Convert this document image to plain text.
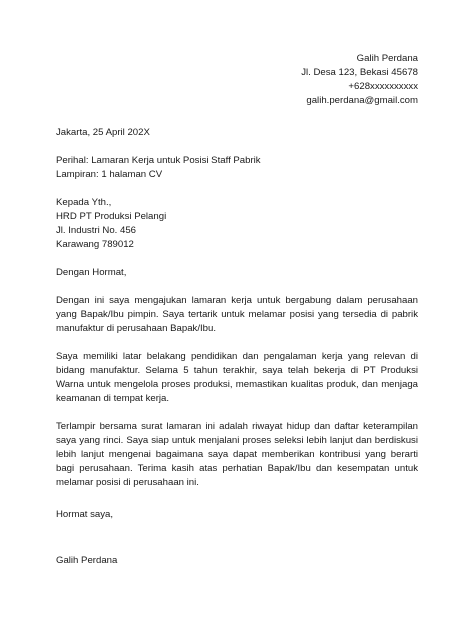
Galih Perdana
Jl. Desa 123, Bekasi 45678
+628xxxxxxxxxx
galih.perdana@gmail.com
Jakarta, 25 April 202X
Perihal: Lamaran Kerja untuk Posisi Staff Pabrik
Lampiran: 1 halaman CV
Kepada Yth.,
HRD PT Produksi Pelangi
Jl. Industri No. 456
Karawang 789012
Dengan Hormat,

Dengan ini saya mengajukan lamaran kerja untuk bergabung dalam perusahaan yang Bapak/Ibu pimpin. Saya tertarik untuk melamar posisi yang tersedia di pabrik manufaktur di perusahaan Bapak/Ibu.

Saya memiliki latar belakang pendidikan dan pengalaman kerja yang relevan di bidang manufaktur. Selama 5 tahun terakhir, saya telah bekerja di PT Produksi Warna untuk mengelola proses produksi, memastikan kualitas produk, dan menjaga keamanan di tempat kerja.

Terlampir bersama surat lamaran ini adalah riwayat hidup dan daftar keterampilan saya yang rinci. Saya siap untuk menjalani proses seleksi lebih lanjut dan berdiskusi lebih lanjut mengenai bagaimana saya dapat memberikan kontribusi yang berarti bagi perusahaan. Terima kasih atas perhatian Bapak/Ibu dan kesempatan untuk melamar posisi di perusahaan ini.

Hormat saya,
Galih Perdana
